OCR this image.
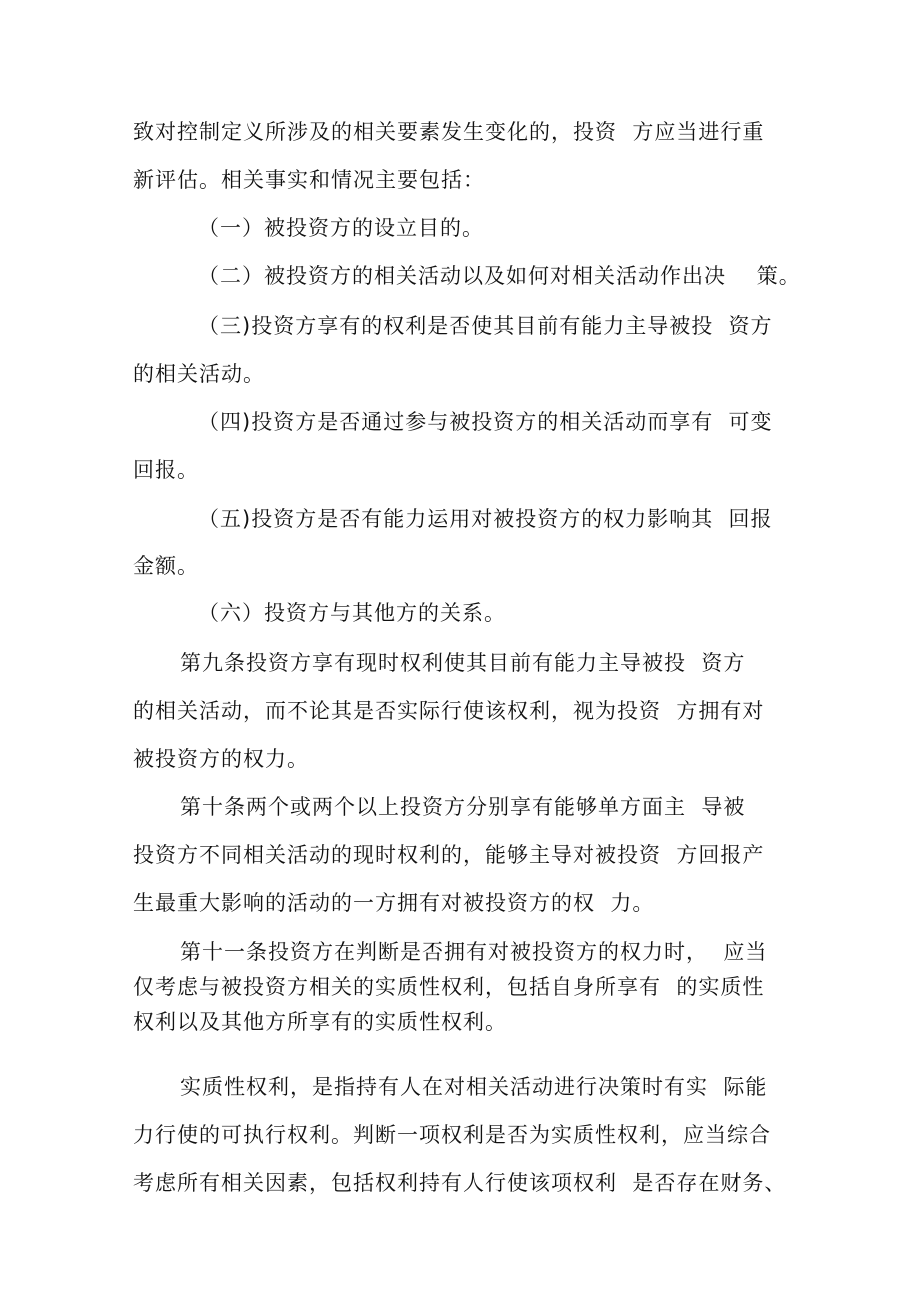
致对控制定义所涉及的相关要素发生变化的，投资  方应当进行重

新评估。相关事实和情况主要包括：

（一）被投资方的设立目的。

（二）被投资方的相关活动以及如何对相关活动作出决    策。

（三)投资方享有的权利是否使其目前有能力主导被投  资方

的相关活动。

（四)投资方是否通过参与被投资方的相关活动而享有  可变

回报。

（五)投资方是否有能力运用对被投资方的权力影响其  回报

金额。

（六）投资方与其他方的关系。

第九条投资方享有现时权利使其目前有能力主导被投  资方

的相关活动，而不论其是否实际行使该权利，视为投资  方拥有对

被投资方的权力。

第十条两个或两个以上投资方分别享有能够单方面主  导被

投资方不同相关活动的现时权利的，能够主导对被投资  方回报产

生最重大影响的活动的一方拥有对被投资方的权  力。

第十一条投资方在判断是否拥有对被投资方的权力时，  应当

仅考虑与被投资方相关的实质性权利，包括自身所享有  的实质性

权利以及其他方所享有的实质性权利。

实质性权利，是指持有人在对相关活动进行决策时有实  际能

力行使的可执行权利。判断一项权利是否为实质性权利，应当综合

考虑所有相关因素，包括权利持有人行使该项权利  是否存在财务、
